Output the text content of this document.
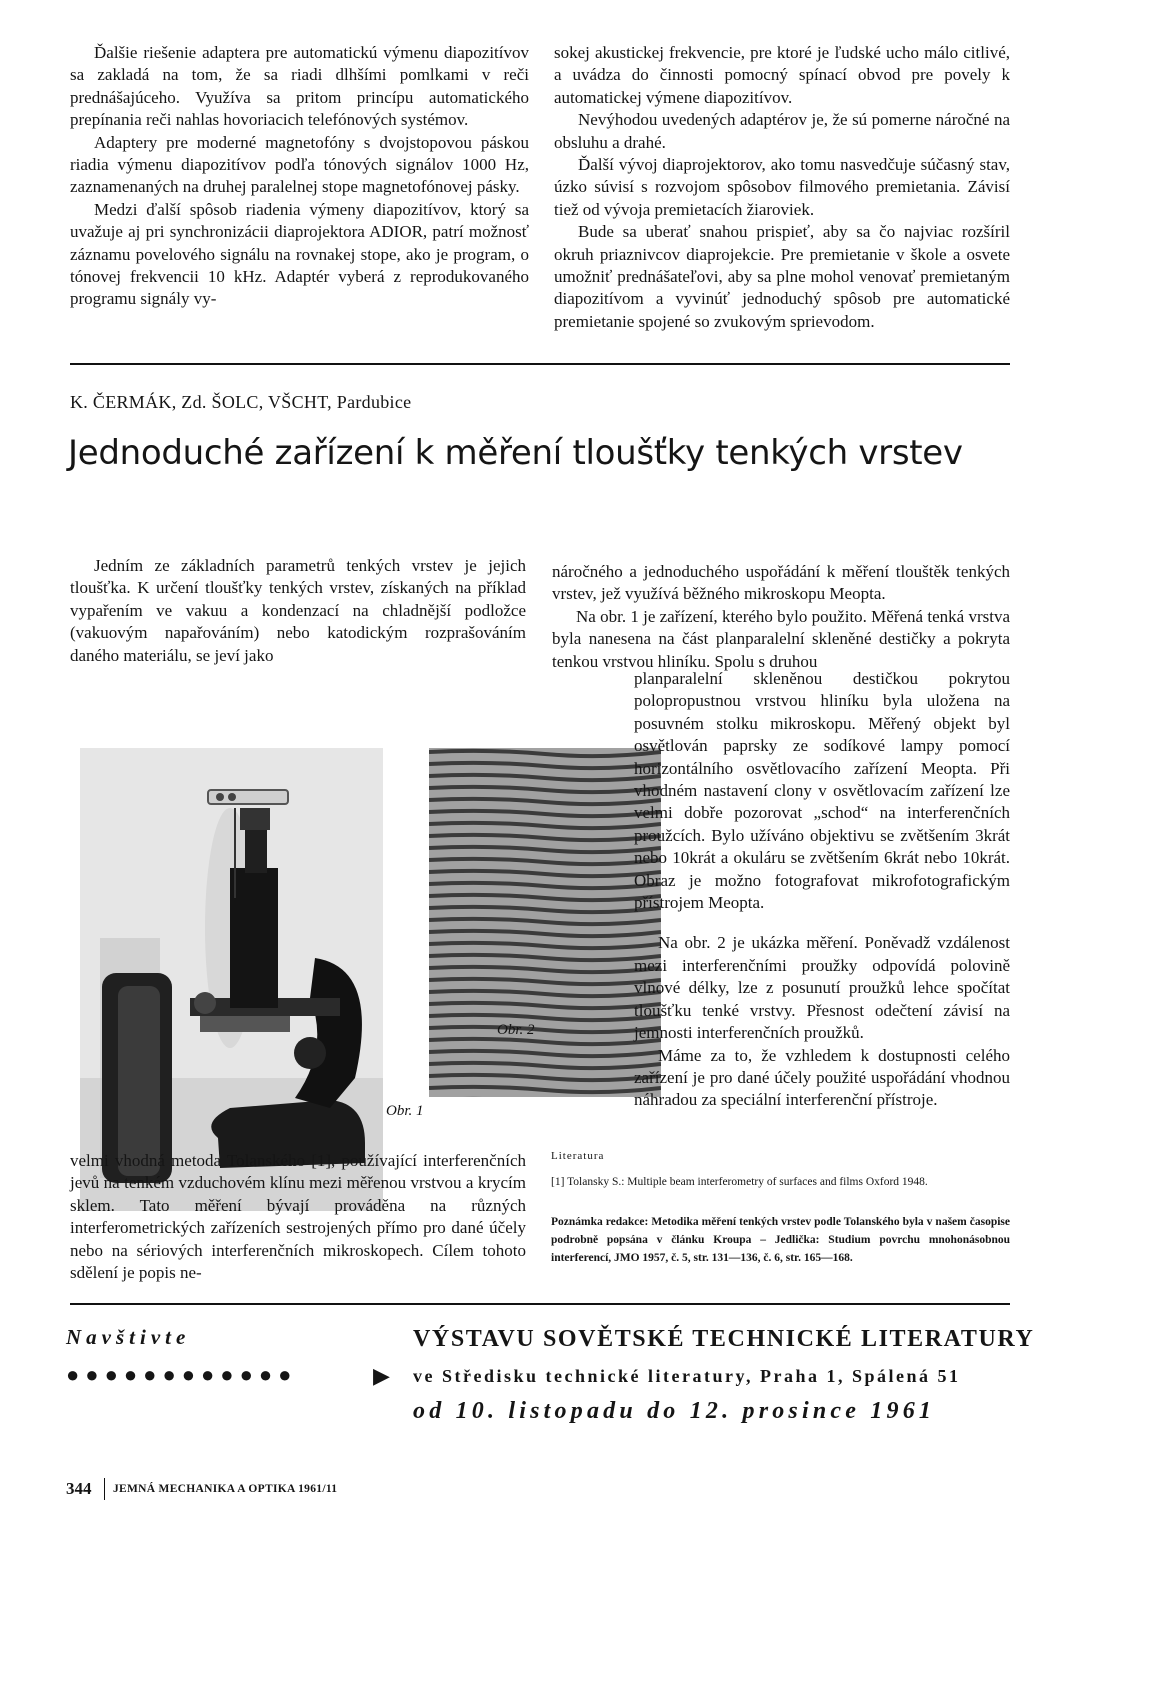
Ďalšie riešenie adaptera pre automatickú výmenu diapozitívov sa zakladá na tom, že sa riadi dlhšími pomlkami v reči prednášajúceho. Využíva sa pritom princípu automatického prepínania reči nahlas hovoriacich telefónových systémov.

Adaptery pre moderné magnetofóny s dvojstopovou páskou riadia výmenu diapozitívov podľa tónových signálov 1000 Hz, zaznamenaných na druhej paralelnej stope magnetofónovej pásky.

Medzi ďalší spôsob riadenia výmeny diapozitívov, ktorý sa uvažuje aj pri synchronizácii diaprojektora ADIOR, patrí možnosť záznamu povelového signálu na rovnakej stope, ako je program, o tónovej frekvencii 10 kHz. Adaptér vyberá z reprodukovaného programu signály vy-

sokej akustickej frekvencie, pre ktoré je ľudské ucho málo citlivé, a uvádza do činnosti pomocný spínací obvod pre povely k automatickej výmene diapozitívov.

Nevýhodou uvedených adaptérov je, že sú pomerne náročné na obsluhu a drahé.

Ďalší vývoj diaprojektorov, ako tomu nasvedčuje súčasný stav, úzko súvisí s rozvojom spôsobov filmového premietania. Závisí tiež od vývoja premietacích žiaroviek.

Bude sa uberať snahou prispieť, aby sa čo najviac rozšíril okruh priaznivcov diaprojekcie. Pre premietanie v škole a osvete umožniť prednášateľovi, aby sa plne mohol venovať premietaným diapozitívom a vyvinúť jednoduchý spôsob pre automatické premietanie spojené so zvukovým sprievodom.

K. ČERMÁK, Zd. ŠOLC, VŠCHT, Pardubice
Jednoduché zařízení k měření tloušťky tenkých vrstev

Jedním ze základních parametrů tenkých vrstev je jejich tloušťka. K určení tloušťky tenkých vrstev, získaných na příklad vypařením ve vakuu a kondenzací na chladnější podložce (vakuovým napařováním) nebo katodickým rozprašováním daného materiálu, se jeví jako

náročného a jednoduchého uspořádání k měření tlouštěk tenkých vrstev, jež využívá běžného mikroskopu Meopta.

Na obr. 1 je zařízení, kterého bylo použito. Měřená tenká vrstva byla nanesena na část planparalelní skleněné destičky a pokryta tenkou vrstvou hliníku. Spolu s druhou

Obr. 1
Obr. 2

planparalelní skleněnou destičkou pokrytou polopropustnou vrstvou hliníku byla uložena na posuvném stolku mikroskopu. Měřený objekt byl osvětlován paprsky ze sodíkové lampy pomocí horizontálního osvětlovacího zařízení Meopta. Při vhodném nastavení clony v osvětlovacím zařízení lze velmi dobře pozorovat „schod“ na interferenčních proužcích. Bylo užíváno objektivu se zvětšením 3krát nebo 10krát a okuláru se zvětšením 6krát nebo 10krát. Obraz je možno fotografovat mikrofotografickým přístrojem Meopta.

Na obr. 2 je ukázka měření. Poněvadž vzdálenost mezi interferenčními proužky odpovídá polovině vlnové délky, lze z posunutí proužků lehce spočítat tloušťku tenké vrstvy. Přesnost odečtení závisí na jemnosti interferenčních proužků.

Máme za to, že vzhledem k dostupnosti celého zařízení je pro dané účely použité uspořádání vhodnou náhradou za speciální interferenční přístroje.

velmi vhodná metoda Tolanského [1], používající interferenčních jevů na tenkém vzduchovém klínu mezi měřenou vrstvou a krycím sklem. Tato měření bývají prováděna na různých interferometrických zařízeních sestrojených přímo pro dané účely nebo na sériových interferenčních mikroskopech. Cílem tohoto sdělení je popis ne-

Literatura
[1] Tolansky S.: Multiple beam interferometry of surfaces and films Oxford 1948.
Poznámka redakce: Metodika měření tenkých vrstev podle Tolanského byla v našem časopise podrobně popsána v článku Kroupa – Jedlička: Studium povrchu mnohonásobnou interferencí, JMO 1957, č. 5, str. 131—136, č. 6, str. 165—168.
Navštivte
●●●●●●●●●●●●	▶
VÝSTAVU SOVĚTSKÉ TECHNICKÉ LITERATURY
ve Středisku technické literatury, Praha 1, Spálená 51
od 10. listopadu do 12. prosince 1961
344 JEMNÁ MECHANIKA A OPTIKA 1961/11
